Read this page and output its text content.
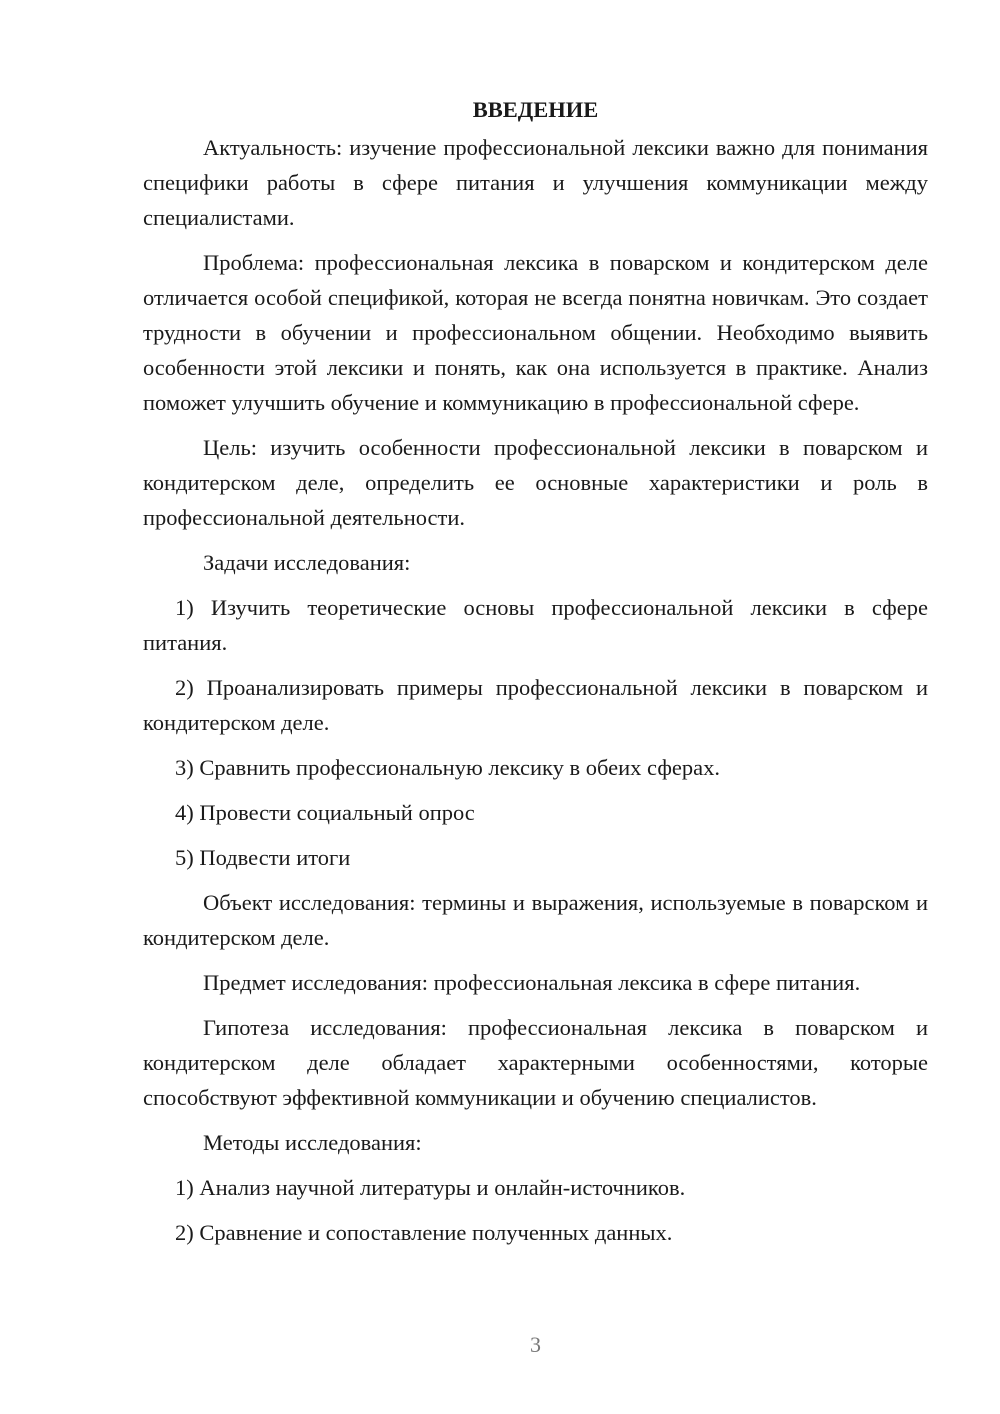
ВВЕДЕНИЕ

Актуальность: изучение профессиональной лексики важно для понимания специфики работы в сфере питания и улучшения коммуникации между специалистами.

Проблема: профессиональная лексика в поварском и кондитерском деле отличается особой спецификой, которая не всегда понятна новичкам. Это создает трудности в обучении и профессиональном общении. Необходимо выявить особенности этой лексики и понять, как она используется в практике. Анализ поможет улучшить обучение и коммуникацию в профессиональной сфере.

Цель: изучить особенности профессиональной лексики в поварском и кондитерском деле, определить ее основные характеристики и роль в профессиональной деятельности.

Задачи исследования:

1) Изучить теоретические основы профессиональной лексики в сфере питания.

2) Проанализировать примеры профессиональной лексики в поварском и кондитерском деле.

3) Сравнить профессиональную лексику в обеих сферах.

4) Провести социальный опрос

5) Подвести итоги

Объект исследования: термины и выражения, используемые в поварском и кондитерском деле.

Предмет исследования: профессиональная лексика в сфере питания.

Гипотеза исследования: профессиональная лексика в поварском и кондитерском деле обладает характерными особенностями, которые способствуют эффективной коммуникации и обучению специалистов.

Методы исследования:

1) Анализ научной литературы и онлайн-источников.

2) Сравнение и сопоставление полученных данных.

3
